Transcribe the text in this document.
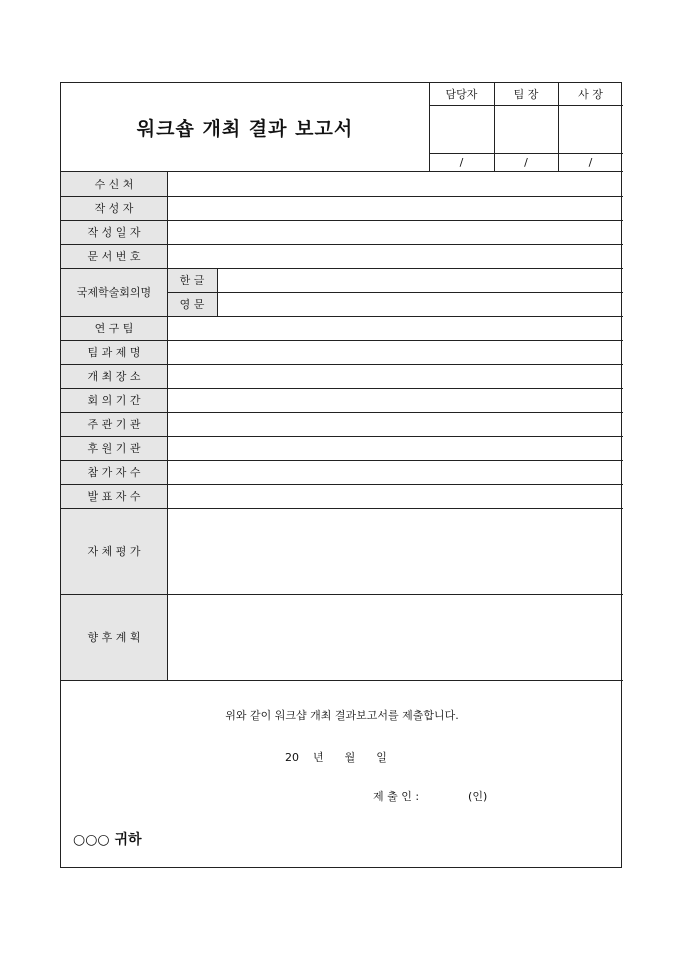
워크숍 개최 결과 보고서
담당자	팀 장	사 장
/	/	/
수 신 처
작 성 자
작 성 일 자
문 서 번 호
국제학술회의명
한 글
영 문
연 구 팀
팀 과 제 명
개 최 장 소
회 의 기 간
주 관 기 관
후 원 기 관
참 가 자 수
발 표 자 수
자 체 평 가
향 후 계 획
위와 같이 워크샵 개최 결과보고서를 제출합니다.
20    년      월      일
제 출 인 :              (인)
○○○ 귀하
